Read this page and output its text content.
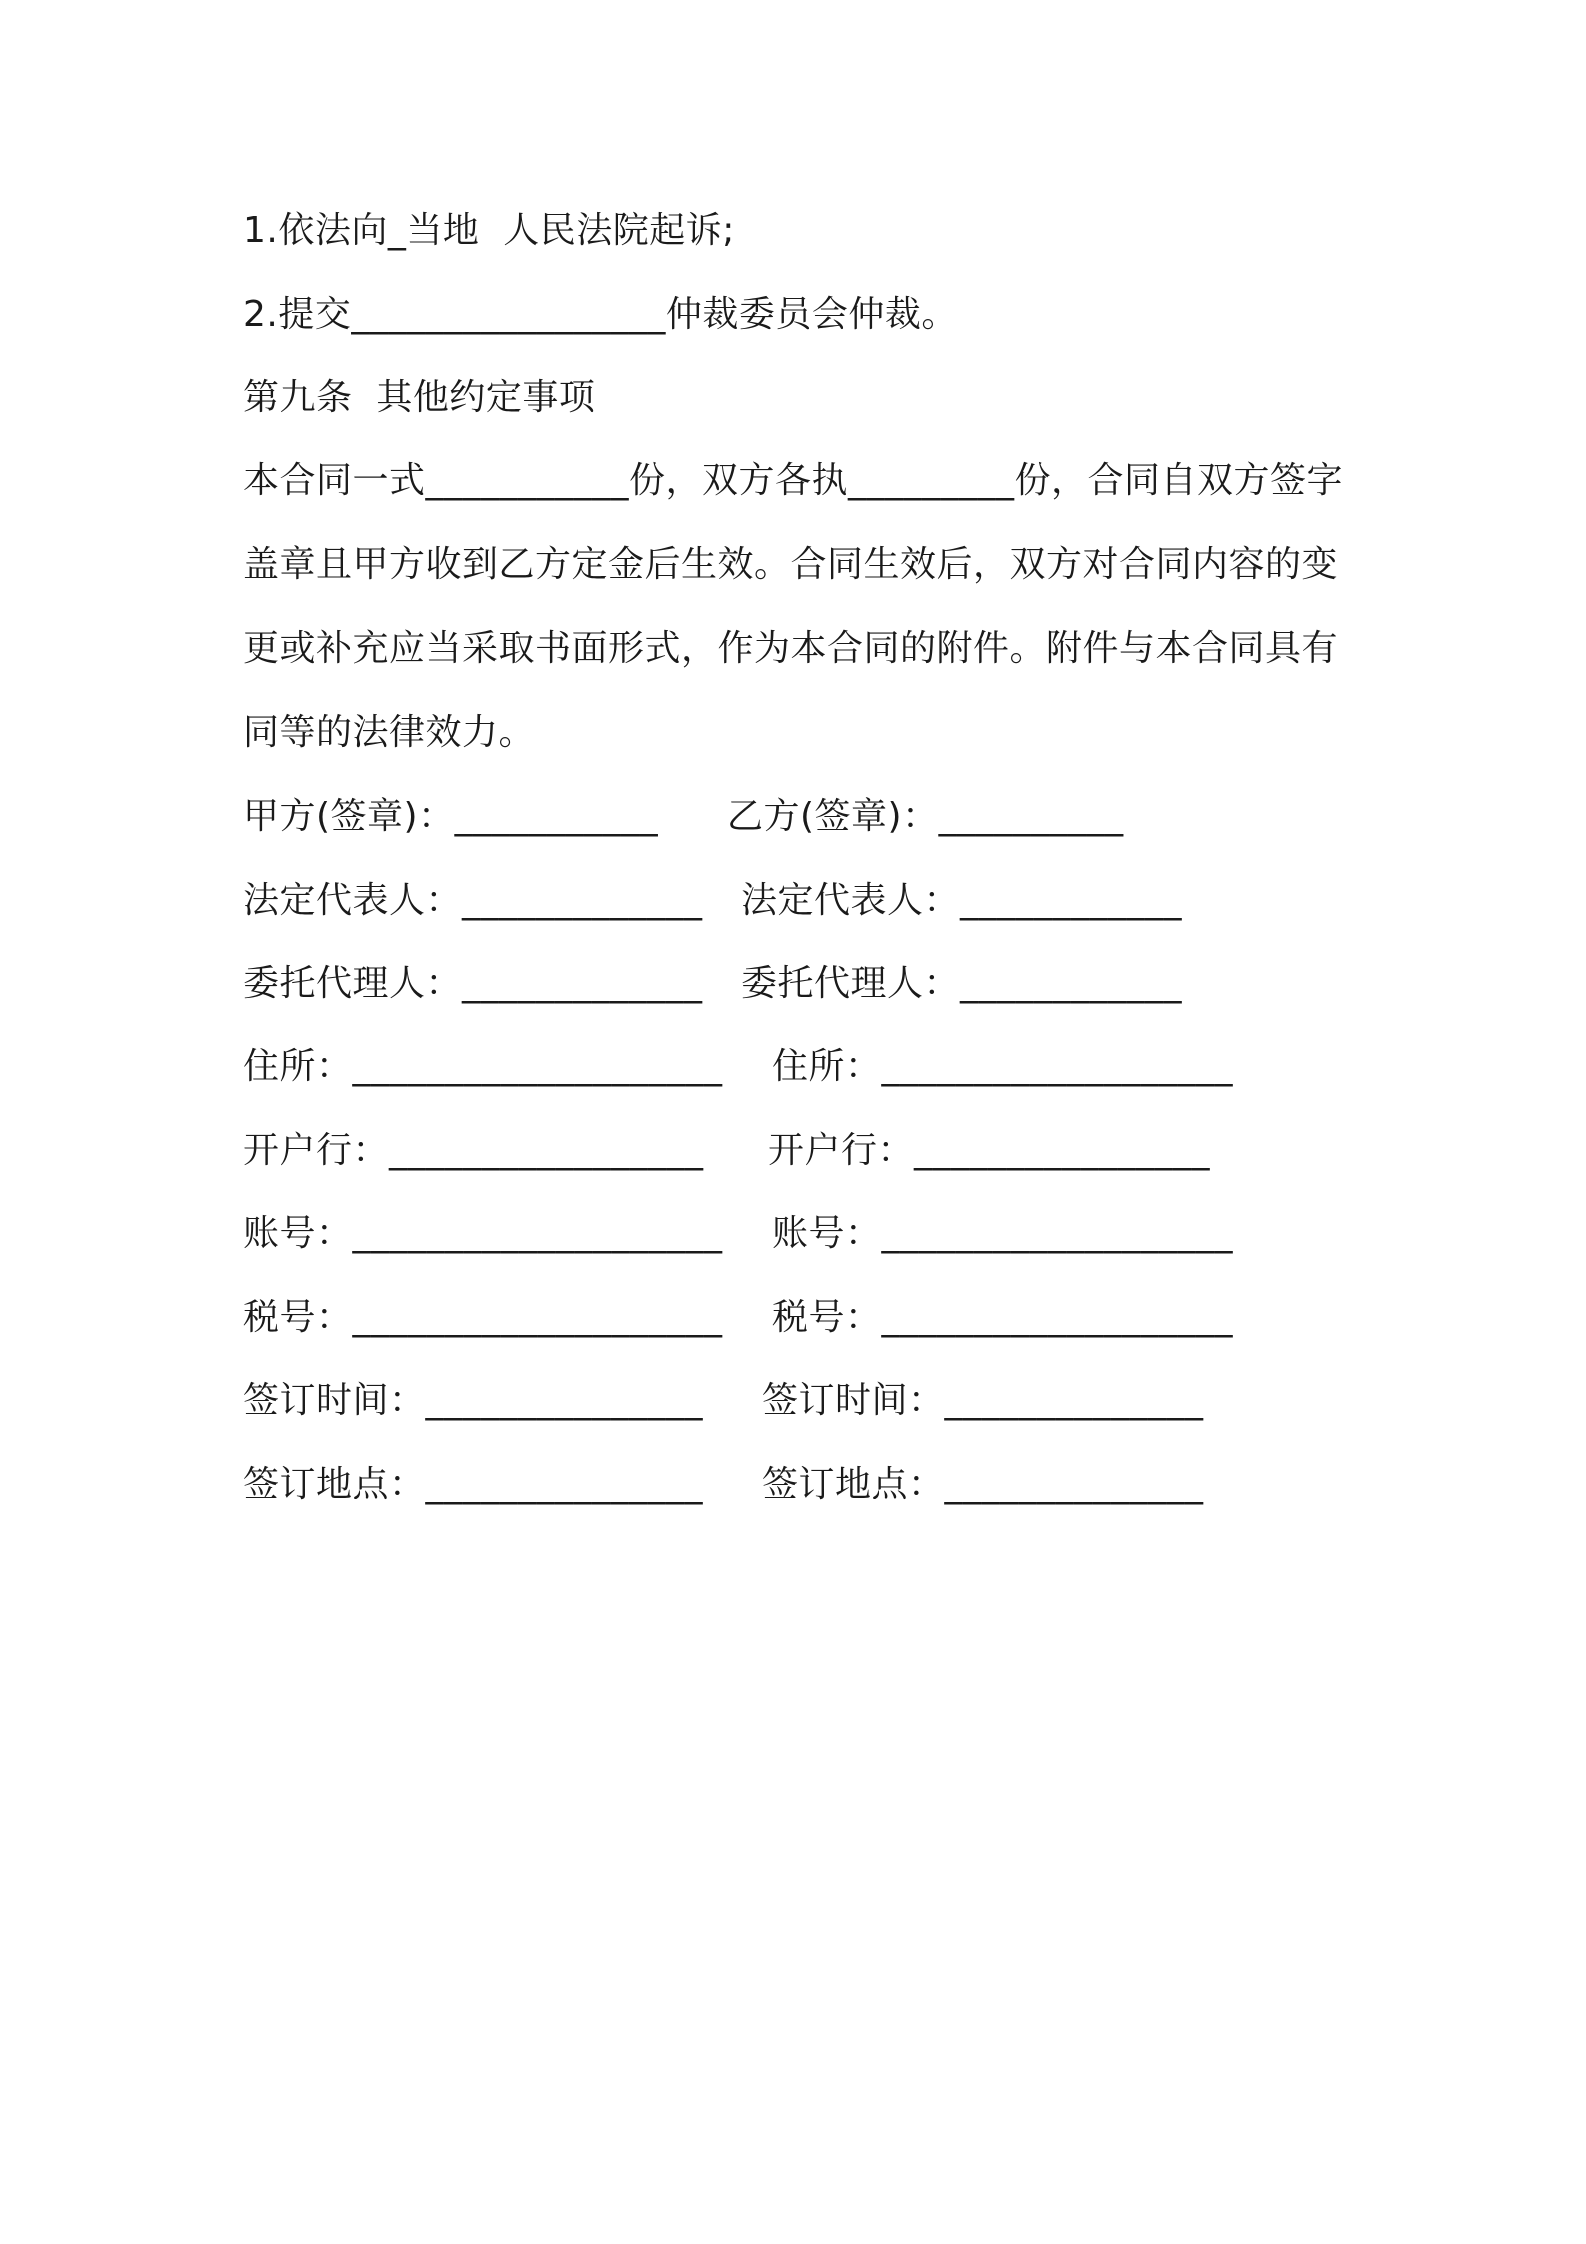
1.依法向_当地  人民法院起诉;
2.提交_________________仲裁委员会仲裁。
第九条  其他约定事项
本合同一式___________份，双方各执_________份，合同自双方签字
盖章且甲方收到乙方定金后生效。合同生效后，双方对合同内容的变
更或补充应当采取书面形式，作为本合同的附件。附件与本合同具有
同等的法律效力。
甲方(签章)：___________ 乙方(签章)：__________
法定代表人：_____________ 法定代表人：____________
委托代理人：_____________ 委托代理人：____________
住所：____________________ 住所：___________________
开户行：_________________ 开户行：________________
账号：____________________ 账号：___________________
税号：____________________ 税号：___________________
签订时间：_______________ 签订时间：______________
签订地点：_______________ 签订地点：______________
